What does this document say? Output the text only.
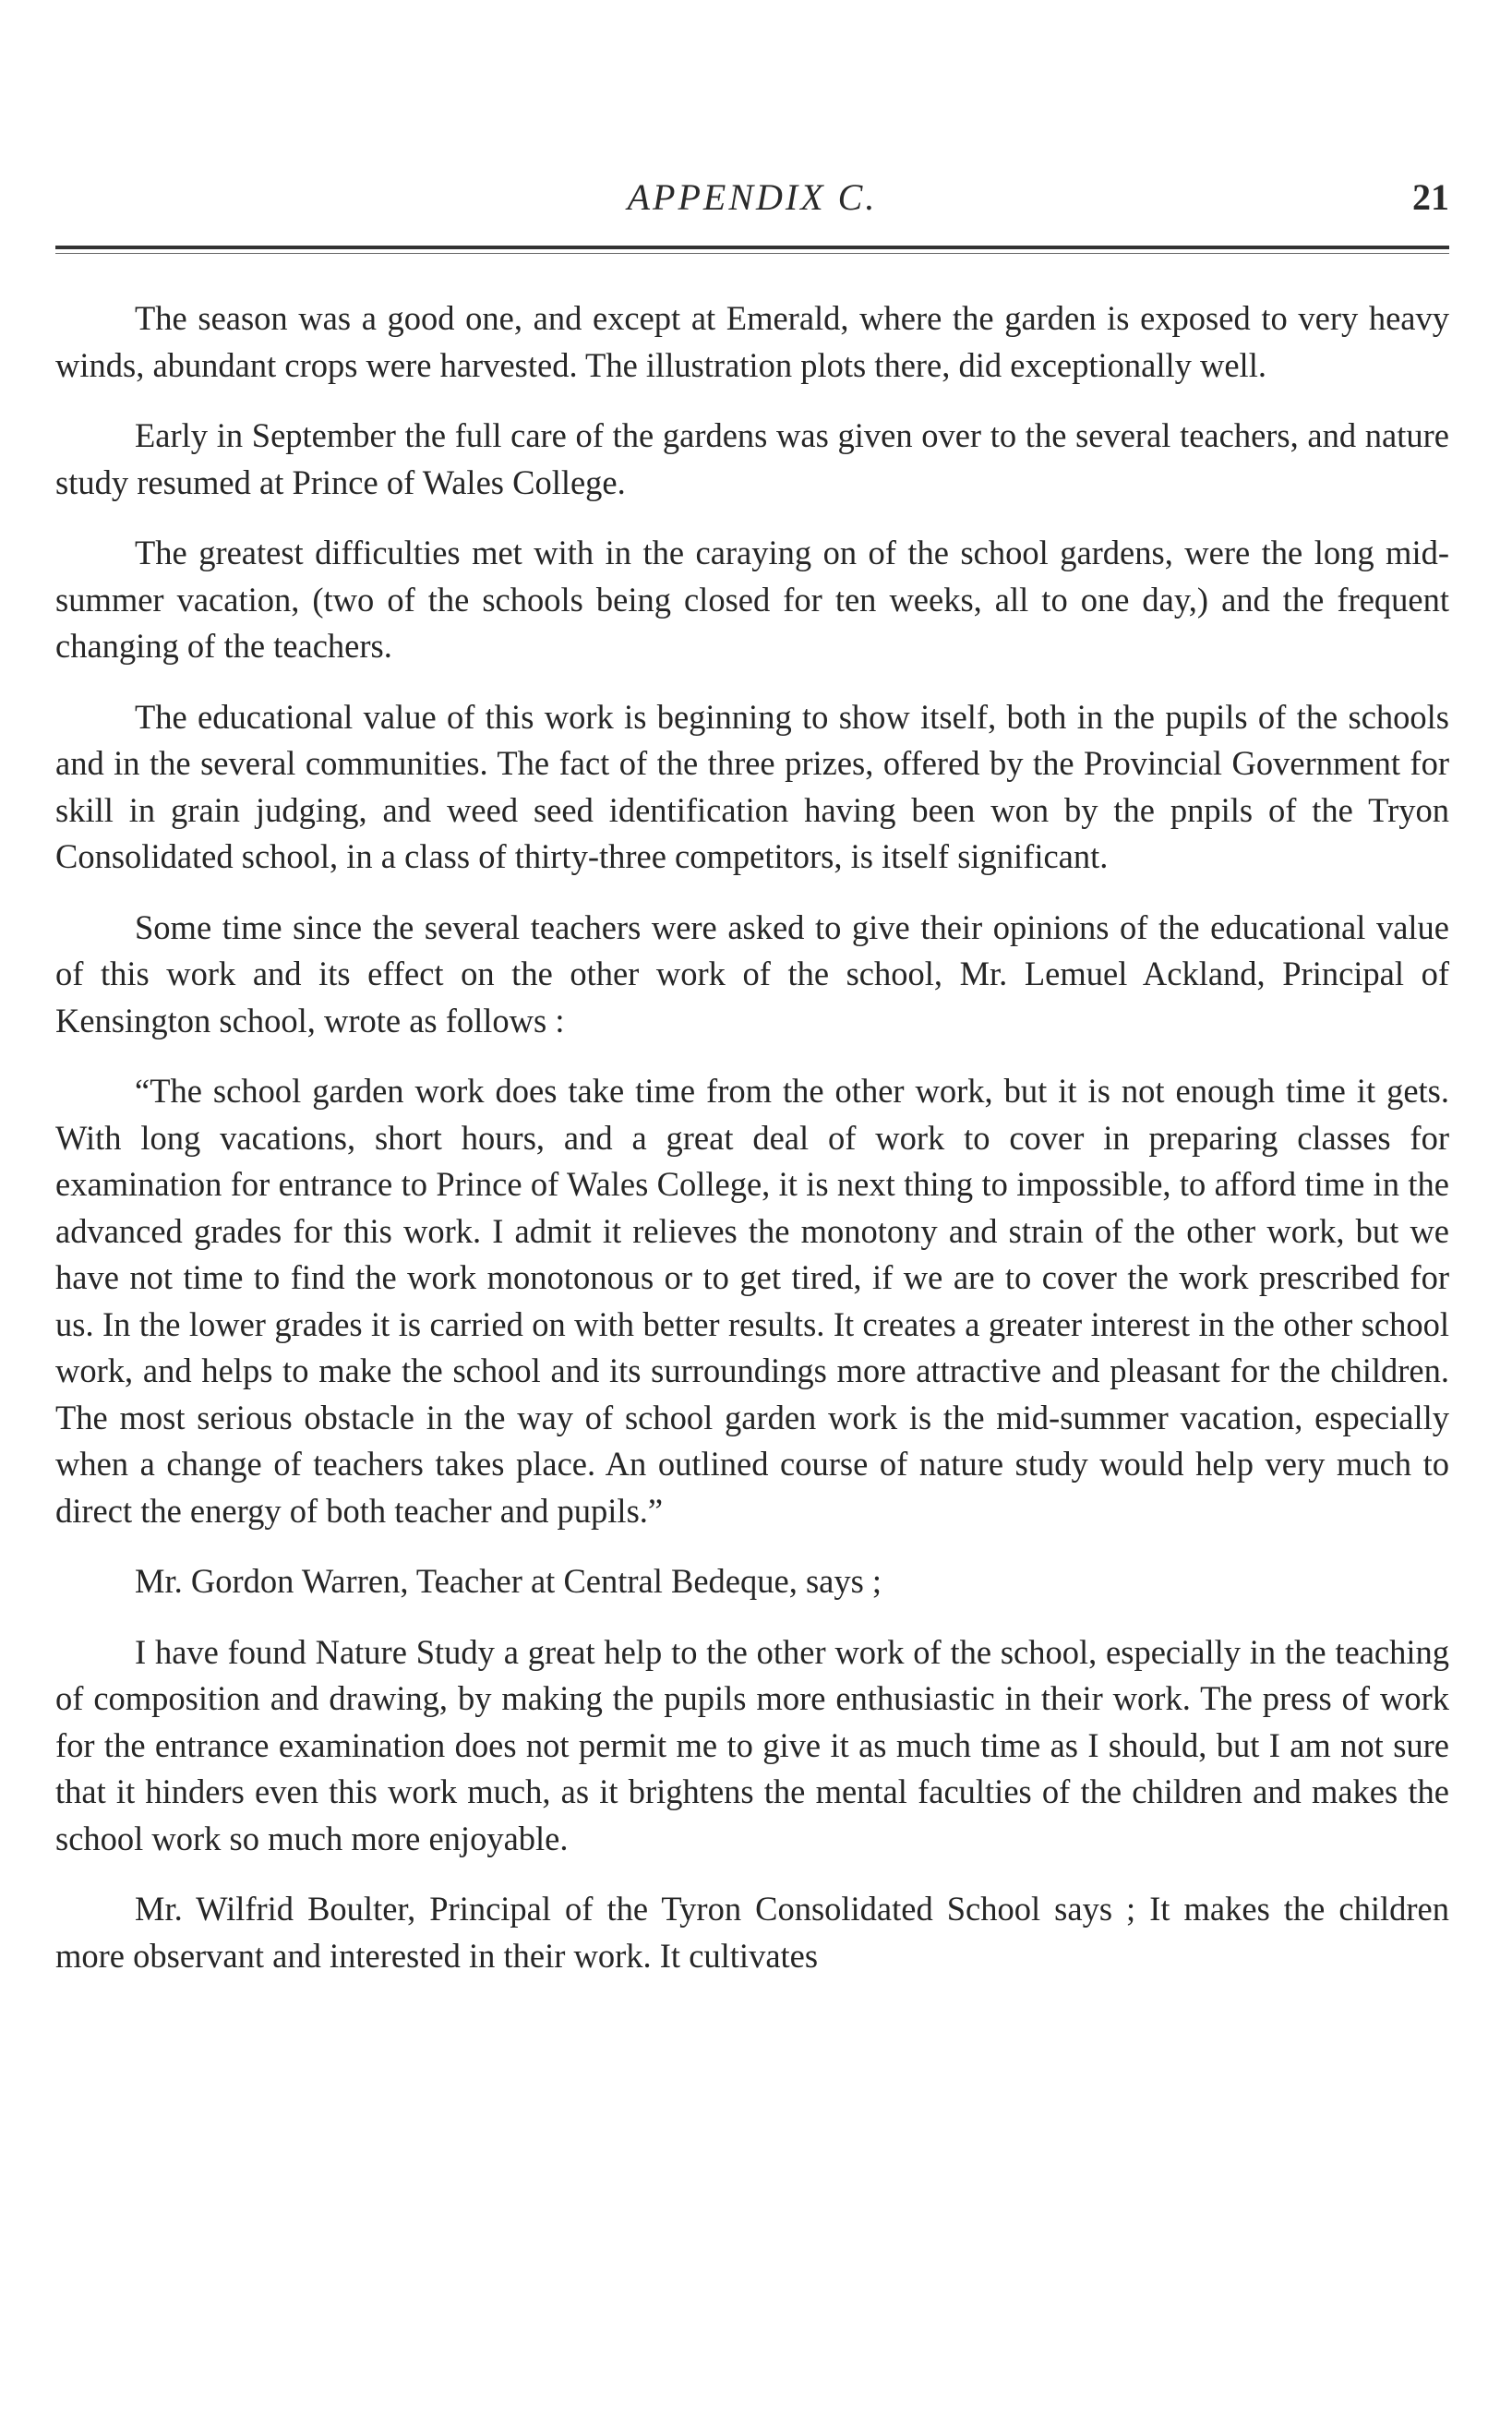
APPENDIX C.	21

The season was a good one, and except at Emerald, where the garden is exposed to very heavy winds, abundant crops were harvested. The illustration plots there, did exceptionally well.

Early in September the full care of the gardens was given over to the several teachers, and nature study resumed at Prince of Wales College.

The greatest difficulties met with in the caraying on of the school gardens, were the long mid-summer vacation, (two of the schools being closed for ten weeks, all to one day,) and the frequent changing of the teachers.

The educational value of this work is beginning to show itself, both in the pupils of the schools and in the several communities. The fact of the three prizes, offered by the Provincial Government for skill in grain judging, and weed seed identification having been won by the pnpils of the Tryon Consolidated school, in a class of thirty-three competitors, is itself significant.

Some time since the several teachers were asked to give their opinions of the educational value of this work and its effect on the other work of the school, Mr. Lemuel Ackland, Principal of Kensington school, wrote as follows :

“The school garden work does take time from the other work, but it is not enough time it gets. With long vacations, short hours, and a great deal of work to cover in preparing classes for examination for entrance to Prince of Wales College, it is next thing to impossible, to afford time in the advanced grades for this work. I admit it relieves the monotony and strain of the other work, but we have not time to find the work monotonous or to get tired, if we are to cover the work prescribed for us. In the lower grades it is carried on with better results. It creates a greater interest in the other school work, and helps to make the school and its surroundings more attractive and pleasant for the children. The most serious obstacle in the way of school garden work is the mid-summer vacation, especially when a change of teachers takes place. An outlined course of nature study would help very much to direct the energy of both teacher and pupils.”

Mr. Gordon Warren, Teacher at Central Bedeque, says ;

I have found Nature Study a great help to the other work of the school, especially in the teaching of composition and drawing, by making the pupils more enthusiastic in their work. The press of work for the entrance examination does not permit me to give it as much time as I should, but I am not sure that it hinders even this work much, as it brightens the mental faculties of the children and makes the school work so much more enjoyable.

Mr. Wilfrid Boulter, Principal of the Tyron Consolidated School says ; It makes the children more observant and interested in their work. It cultivates
